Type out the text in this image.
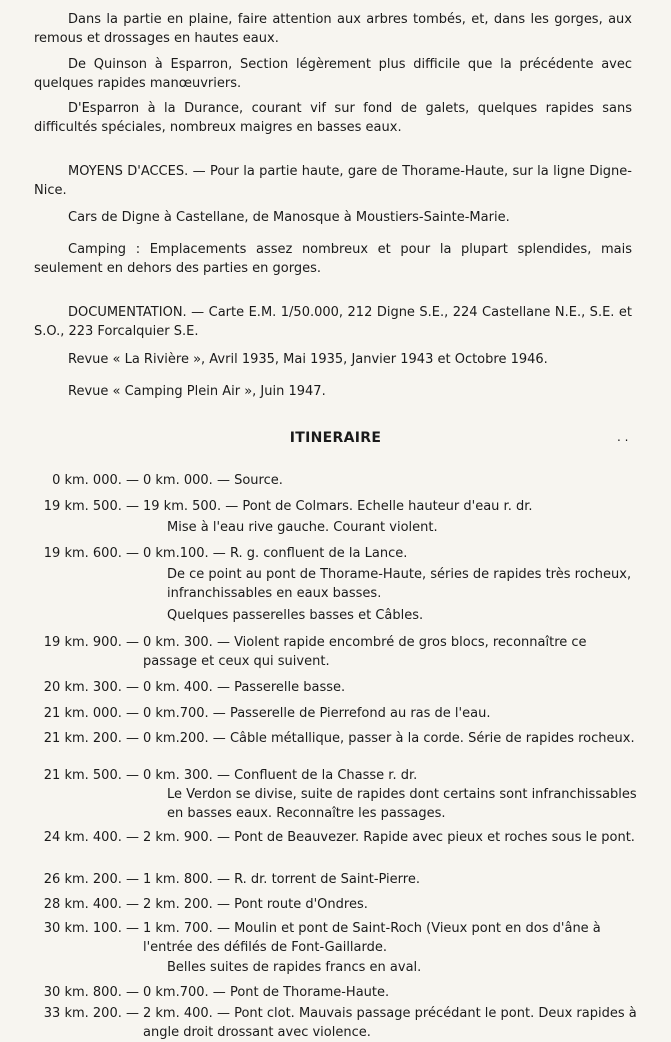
Dans la partie en plaine, faire attention aux arbres tombés, et, dans les gorges, aux remous et drossages en hautes eaux.

De Quinson à Esparron, Section légèrement plus difficile que la précédente avec quelques rapides manœuvriers.

D'Esparron à la Durance, courant vif sur fond de galets, quelques rapides sans difficultés spéciales, nombreux maigres en basses eaux.

MOYENS D'ACCES. — Pour la partie haute, gare de Thorame-Haute, sur la ligne Digne-Nice.

Cars de Digne à Castellane, de Manosque à Moustiers-Sainte-Marie.

Camping : Emplacements assez nombreux et pour la plupart splendides, mais seulement en dehors des parties en gorges.

DOCUMENTATION. — Carte E.M. 1/50.000, 212 Digne S.E., 224 Castellane N.E., S.E. et S.O., 223 Forcalquier S.E.

Revue « La Rivière », Avril 1935, Mai 1935, Janvier 1943 et Octobre 1946.

Revue « Camping Plein Air », Juin 1947.

ITINERAIRE	. .
0 km. 000. — 0 km. 000. — Source.
19 km. 500. — 19 km. 500. — Pont de Colmars. Echelle hauteur d'eau r. dr.
Mise à l'eau rive gauche. Courant violent.
19 km. 600. — 0 km.100. — R. g. confluent de la Lance.
De ce point au pont de Thorame-Haute, séries de rapides très rocheux, infranchissables en eaux basses.
Quelques passerelles basses et Câbles.
19 km. 900. — 0 km. 300. — Violent rapide encombré de gros blocs, reconnaître ce passage et ceux qui suivent.
20 km. 300. — 0 km. 400. — Passerelle basse.
21 km. 000. — 0 km.700. — Passerelle de Pierrefond au ras de l'eau.
21 km. 200. — 0 km.200. — Câble métallique, passer à la corde. Série de rapides rocheux.
21 km. 500. — 0 km. 300. — Confluent de la Chasse r. dr.
Le Verdon se divise, suite de rapides dont certains sont infranchissables en basses eaux. Reconnaître les passages.
24 km. 400. — 2 km. 900. — Pont de Beauvezer. Rapide avec pieux et roches sous le pont.
26 km. 200. — 1 km. 800. — R. dr. torrent de Saint-Pierre.
28 km. 400. — 2 km. 200. — Pont route d'Ondres.
30 km. 100. — 1 km. 700. — Moulin et pont de Saint-Roch (Vieux pont en dos d'âne à l'entrée des défilés de Font-Gaillarde.
Belles suites de rapides francs en aval.
30 km. 800. — 0 km.700. — Pont de Thorame-Haute.
33 km. 200. — 2 km. 400. — Pont clot. Mauvais passage précédant le pont. Deux rapides à angle droit drossant avec violence.
